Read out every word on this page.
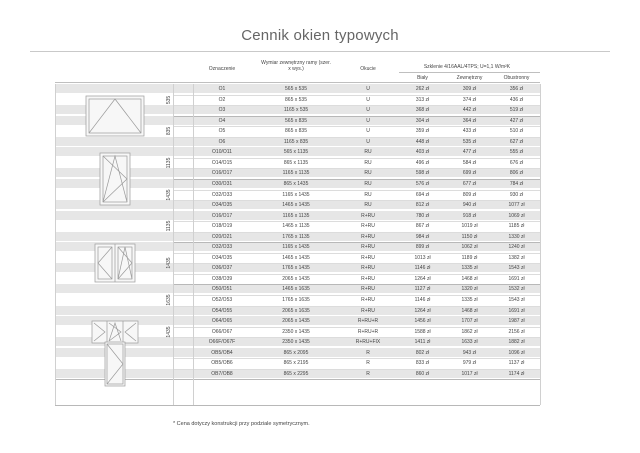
Cennik okien typowych
Oznaczenie
Wymiar zewnętrzny ramy (szer. x wys.)	Okucie	Szklenie 4/16AAL/4TPS; U=1,1 W/m²K
Biały	Zewnętrzny	Obustronny
O1	565 x 535	U	262 zł	309 zł	356 zł
O2	865 x 535	U	313 zł	374 zł	436 zł
O3	1165 x 535	U	368 zł	442 zł	519 zł
535
O4	565 x 835	U	304 zł	364 zł	427 zł
O5	865 x 835	U	359 zł	433 zł	510 zł
O6	1165 x 835	U	448 zł	535 zł	627 zł
835
O10/O11	565 x 1135	RU	403 zł	477 zł	555 zł
O14/O15	865 x 1135	RU	496 zł	584 zł	676 zł
O16/O17	1165 x 1135	RU	598 zł	699 zł	806 zł
1135
O30/O31	865 x 1435	RU	576 zł	677 zł	784 zł
O32/O33	1165 x 1435	RU	694 zł	809 zł	930 zł
O34/O35	1465 x 1435	RU	812 zł	940 zł	1077 zł
1435
O16/O17	1165 x 1135	R+RU	780 zł	918 zł	1069 zł
O18/O19	1465 x 1135	R+RU	867 zł	1019 zł	1185 zł
O20/O21	1765 x 1135	R+RU	984 zł	1150 zł	1330 zł
1135
O32/O33	1165 x 1435	R+RU	899 zł	1062 zł	1240 zł
O34/O35	1465 x 1435	R+RU	1013 zł	1189 zł	1382 zł
O36/O37	1765 x 1435	R+RU	1146 zł	1335 zł	1543 zł
O38/O39	2065 x 1435	R+RU	1264 zł	1468 zł	1691 zł
1435
O50/O51	1465 x 1635	R+RU	1127 zł	1320 zł	1532 zł
O52/O53	1765 x 1635	R+RU	1146 zł	1335 zł	1543 zł
O54/O55	2065 x 1635	R+RU	1264 zł	1468 zł	1691 zł
1635
O64/O65	2065 x 1435	R+RU+R	1456 zł	1707 zł	1987 zł
O66/O67	2350 x 1435	R+RU+R	1588 zł	1862 zł	2156 zł
O66F/O67F	2350 x 1435	R+RU+FIX	1411 zł	1633 zł	1882 zł
1435
OB5/OB4	865 x 2095	R	802 zł	943 zł	1096 zł
OB5/OB6	865 x 2195	R	833 zł	979 zł	1137 zł
OB7/OB8	865 x 2295	R	860 zł	1017 zł	1174 zł
* Cena dotyczy konstrukcji przy podziale symetrycznym.
